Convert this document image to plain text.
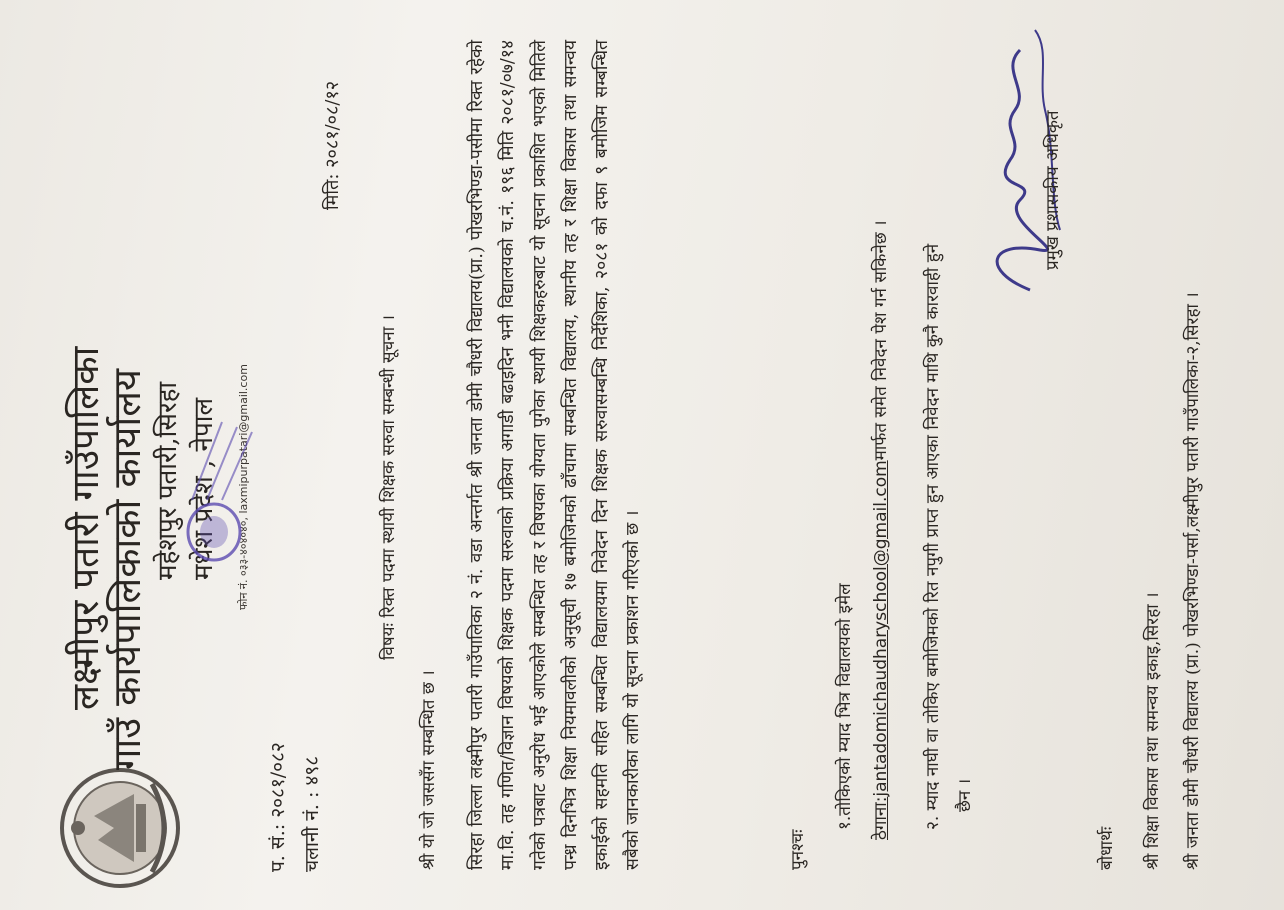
लक्ष्मीपुर पतारी गाउँपालिका
गाउँ कार्यपालिकाको कार्यालय महेशपुर पतारी,सिरहा मधेश प्रदेश , नेपाल फोन नं. ०३३-४०४०४०, laxmipurpatari@gmail.com
प. सं.: २०८१/०८२ चलानी नं. : ४९८
मिति: २०८१/०८/१२
विषयः रिक्त पदमा स्थायी शिक्षक सरुवा सम्बन्धी सूचना ।
श्री यो जो जससँग सम्बन्धित छ । सिरहा जिल्ला लक्ष्मीपुर पतारी गाउँपालिका २ नं. वडा अन्तर्गत श्री जनता डोमी चौधरी विद्यालय(प्रा.) पोखरभिण्डा-पसीमा रिक्त रहेको मा.वि. तह गणित/विज्ञान विषयको शिक्षक पदमा सरुवाको प्रक्रिया अगाडी बढाइदिन भनी विद्यालयको च.नं. १९६ मिति २०८१/०७/१४ गतेको पत्रबाट अनुरोध भई आएकोले सम्बन्धित तह र विषयका योग्यता पुगेका स्थायी शिक्षकहरुबाट यो सूचना प्रकाशित भएको मितिले पन्ध्र दिनभित्र शिक्षा नियमावलीको अनुसूची १७ बमोजिमको ढाँचामा सम्बन्धित विद्यालय, स्थानीय तह र शिक्षा विकास तथा समन्वय इकाईको सहमति सहित सम्बन्धित विद्यालयमा निवेदन दिन शिक्षक सरुवासम्बन्धि निर्देशिका, २०८१ को दफा ९ बमोजिम सम्बन्धित सबैको जानकारीका लागि यो सूचना प्रकाशन गरिएको छ ।	पुनश्चः
१.तोकिएको म्याद भित्र विद्यालयको इमेल ठेगाना:jantadomichaudharyschool@gmail.comमार्फत समेत निवेदन पेश गर्न सकिनेछ । २. म्याद नाघी वा तोकिए बमोजिमको रित नपुगी प्राप्त हुन आएका निवेदन माथि कुनै कारवाही हुने छैन ।
प्रमुख प्रशासकीय अधिकृत
बोधार्थः श्री शिक्षा विकास तथा समन्वय इकाइ,सिरहा । श्री जनता डोमी चौधरी विद्यालय (प्रा.) पोखरभिण्डा-पर्सा,लक्ष्मीपुर पतारी गाउँपालिका-२,सिरहा ।
